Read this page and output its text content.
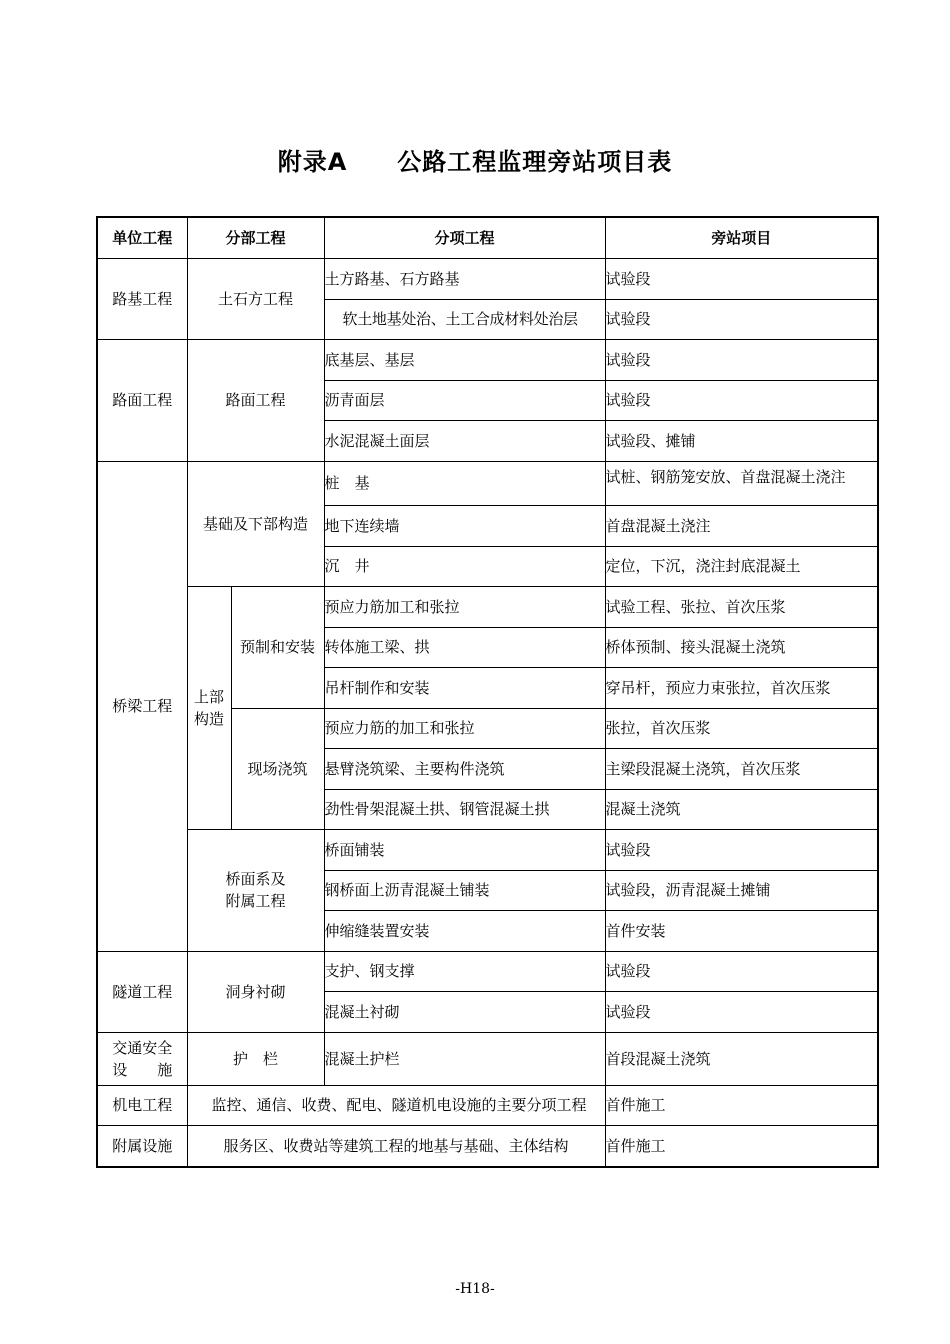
附录A　　公路工程监理旁站项目表
单位工程	分部工程		分项工程	旁站项目
路基工程	土石方工程		土方路基、石方路基	试验段
			软土地基处治、土工合成材料处治层	试验段
路面工程	路面工程		底基层、基层	试验段
			沥青面层	试验段
			水泥混凝土面层	试验段、摊铺
桥梁工程	基础及下部构造		桩　基	试桩、钢筋笼安放、首盘混凝土浇注

			地下连续墙	首盘混凝土浇注
			沉　井	定位，下沉，浇注封底混凝土

	上部
构造	预制和安装	预应力筋加工和张拉	试验工程、张拉、首次压浆
			转体施工梁、拱	桥体预制、接头混凝土浇筑
			吊杆制作和安装	穿吊杆，预应力束张拉，首次压浆
		现场浇筑	预应力筋的加工和张拉	张拉，首次压浆
			悬臂浇筑梁、主要构件浇筑	主梁段混凝土浇筑，首次压浆
			劲性骨架混凝土拱、钢管混凝土拱	混凝土浇筑

	桥面系及
附属工程		桥面铺装	试验段
			钢桥面上沥青混凝土铺装	试验段，沥青混凝土摊铺
			伸缩缝装置安装	首件安装
隧道工程	洞身衬砌		支护、钢支撑	试验段
			混凝土衬砌	试验段

交通安全
设　　施	护　栏		混凝土护栏	首段混凝土浇筑
机电工程	监控、通信、收费、配电、隧道机电设施的主要分项工程			首件施工
附属设施	服务区、收费站等建筑工程的地基与基础、主体结构			首件施工
-H18-
